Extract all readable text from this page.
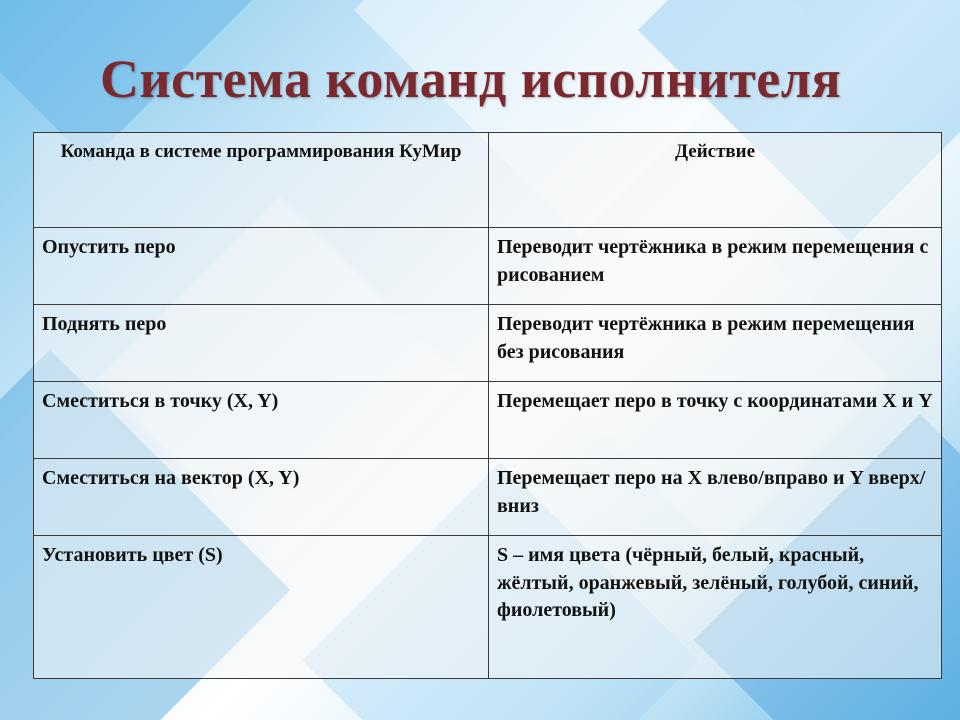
Система команд исполнителя
Команда в системе программирования КуМир	Действие
Опустить перо	Переводит чертёжника в режим перемещения с рисованием
Поднять перо	Переводит чертёжника в режим перемещения без рисования
Сместиться в точку (X, Y)	Перемещает перо в точку с координатами X и Y
Сместиться на вектор (X, Y)	Перемещает перо на X влево/вправо и Y вверх/вниз
Установить цвет (S)	S – имя цвета (чёрный, белый, красный, жёлтый, оранжевый, зелёный, голубой, синий, фиолетовый)
